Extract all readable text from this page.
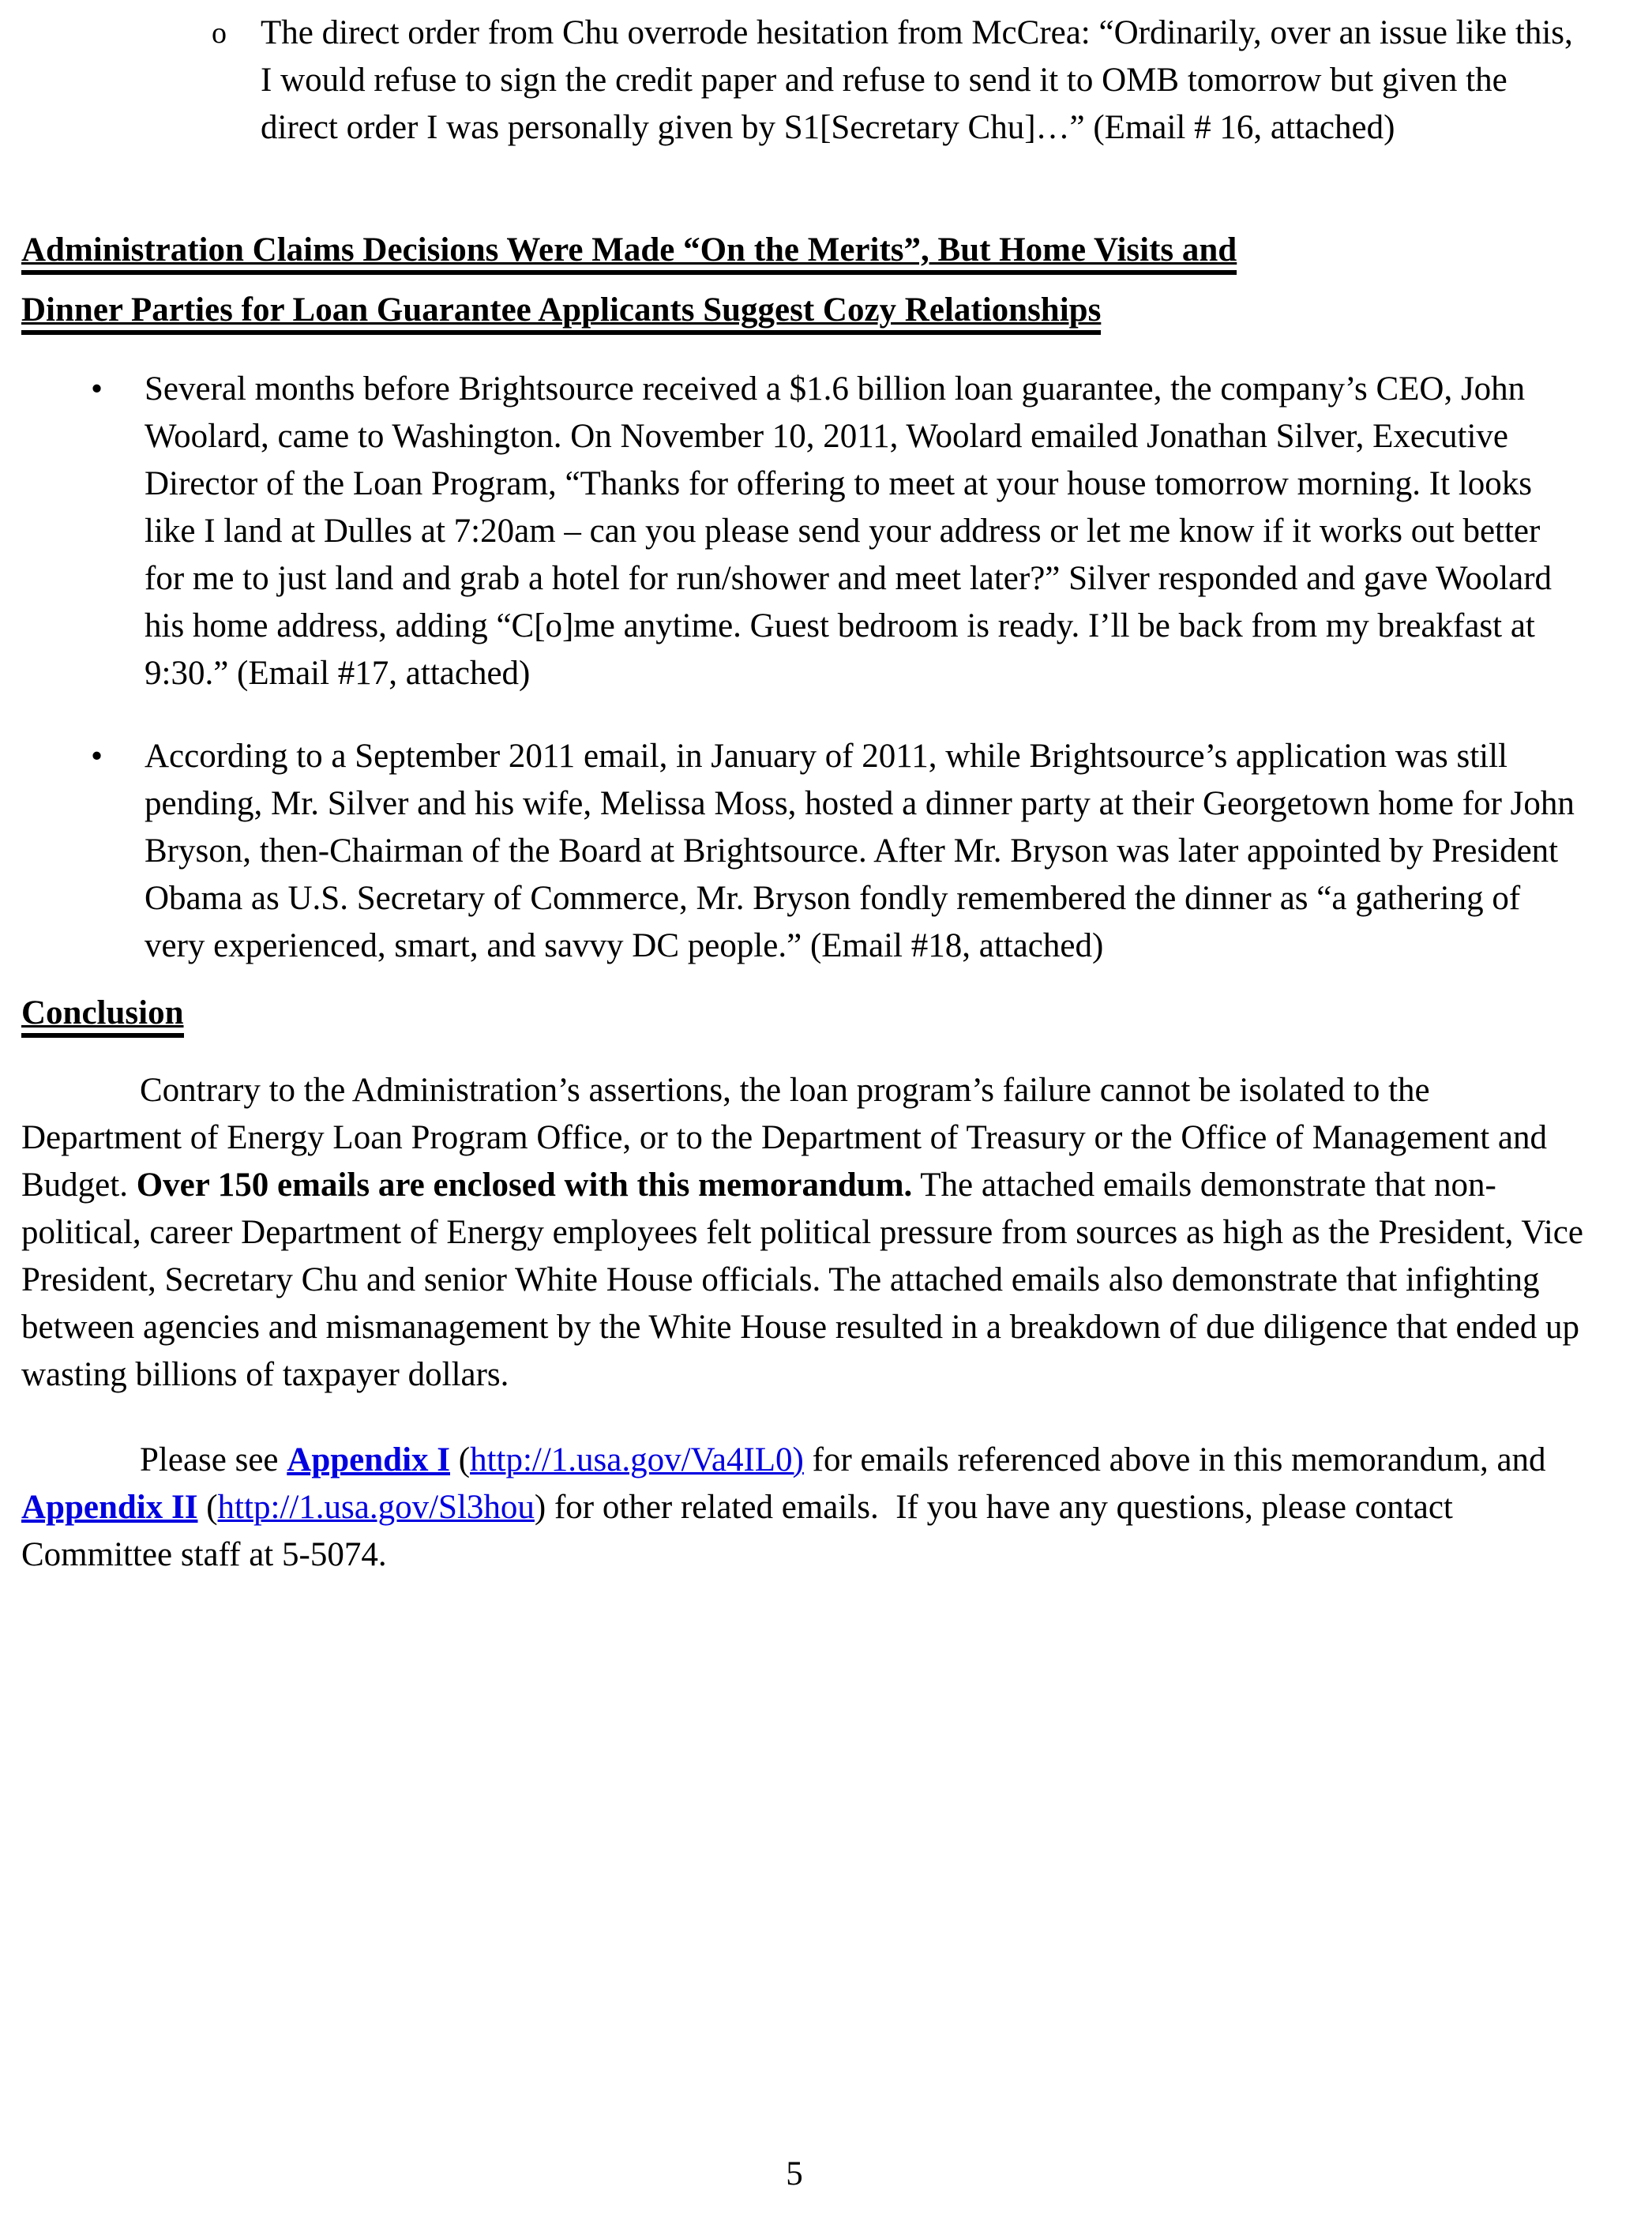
o	The direct order from Chu overrode hesitation from McCrea: “Ordinarily, over an issue like this, I would refuse to sign the credit paper and refuse to send it to OMB tomorrow but given the direct order I was personally given by S1[Secretary Chu]…” (Email # 16, attached)
Administration Claims Decisions Were Made “On the Merits”, But Home Visits and
Dinner Parties for Loan Guarantee Applicants Suggest Cozy Relationships
•	Several months before Brightsource received a $1.6 billion loan guarantee, the company’s CEO, John Woolard, came to Washington. On November 10, 2011, Woolard emailed Jonathan Silver, Executive Director of the Loan Program, “Thanks for offering to meet at your house tomorrow morning. It looks like I land at Dulles at 7:20am – can you please send your address or let me know if it works out better for me to just land and grab a hotel for run/shower and meet later?” Silver responded and gave Woolard his home address, adding “C[o]me anytime. Guest bedroom is ready. I’ll be back from my breakfast at 9:30.” (Email #17, attached)
•	According to a September 2011 email, in January of 2011, while Brightsource’s application was still pending, Mr. Silver and his wife, Melissa Moss, hosted a dinner party at their Georgetown home for John Bryson, then-Chairman of the Board at Brightsource. After Mr. Bryson was later appointed by President Obama as U.S. Secretary of Commerce, Mr. Bryson fondly remembered the dinner as “a gathering of very experienced, smart, and savvy DC people.” (Email #18, attached)
Conclusion
Contrary to the Administration’s assertions, the loan program’s failure cannot be isolated to the Department of Energy Loan Program Office, or to the Department of Treasury or the Office of Management and Budget. Over 150 emails are enclosed with this memorandum. The attached emails demonstrate that non-political, career Department of Energy employees felt political pressure from sources as high as the President, Vice President, Secretary Chu and senior White House officials. The attached emails also demonstrate that infighting between agencies and mismanagement by the White House resulted in a breakdown of due diligence that ended up wasting billions of taxpayer dollars.
Please see Appendix I (http://1.usa.gov/Va4IL0) for emails referenced above in this memorandum, and Appendix II (http://1.usa.gov/Sl3hou) for other related emails.  If you have any questions, please contact Committee staff at 5-5074.
5
